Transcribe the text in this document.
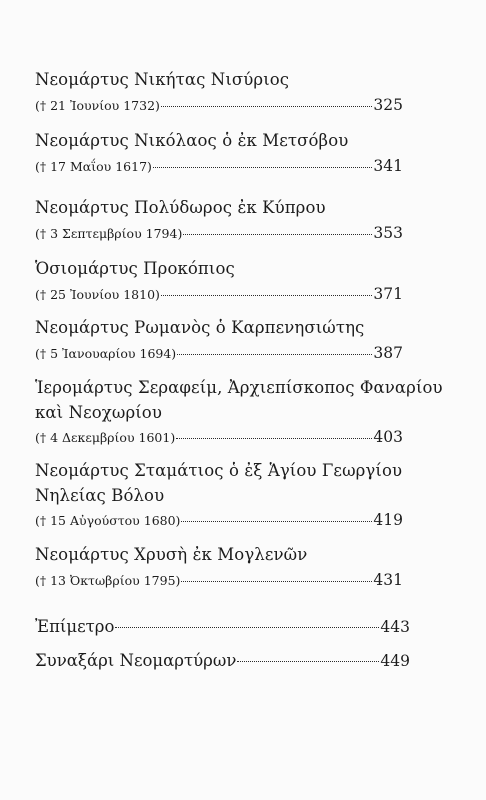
Νεομάρτυς Νικήτας Νισύριος
(† 21 Ἰουνίου 1732)	325
Νεομάρτυς Νικόλαος ὁ ἐκ Μετσόβου
(† 17 Μαΐου 1617)	341
Νεομάρτυς Πολύδωρος ἐκ Κύπρου
(† 3 Σεπτεμβρίου 1794)	353
Ὁσιομάρτυς Προκόπιος
(† 25 Ἰουνίου 1810)	371
Νεομάρτυς Ρωμανὸς ὁ Καρπενησιώτης
(† 5 Ἰανουαρίου 1694)	387
Ἱερομάρτυς Σεραφείμ, Ἀρχιεπίσκοπος Φαναρίου
καὶ Νεοχωρίου
(† 4 Δεκεμβρίου 1601)	403
Νεομάρτυς Σταμάτιος ὁ ἐξ Ἁγίου Γεωργίου
Νηλείας Βόλου
(† 15 Αὐγούστου 1680)	419
Νεομάρτυς Χρυσὴ ἐκ Μογλενῶν
(† 13 Ὀκτωβρίου 1795)	431
Ἐπίμετρο	443
Συναξάρι Νεομαρτύρων	449
